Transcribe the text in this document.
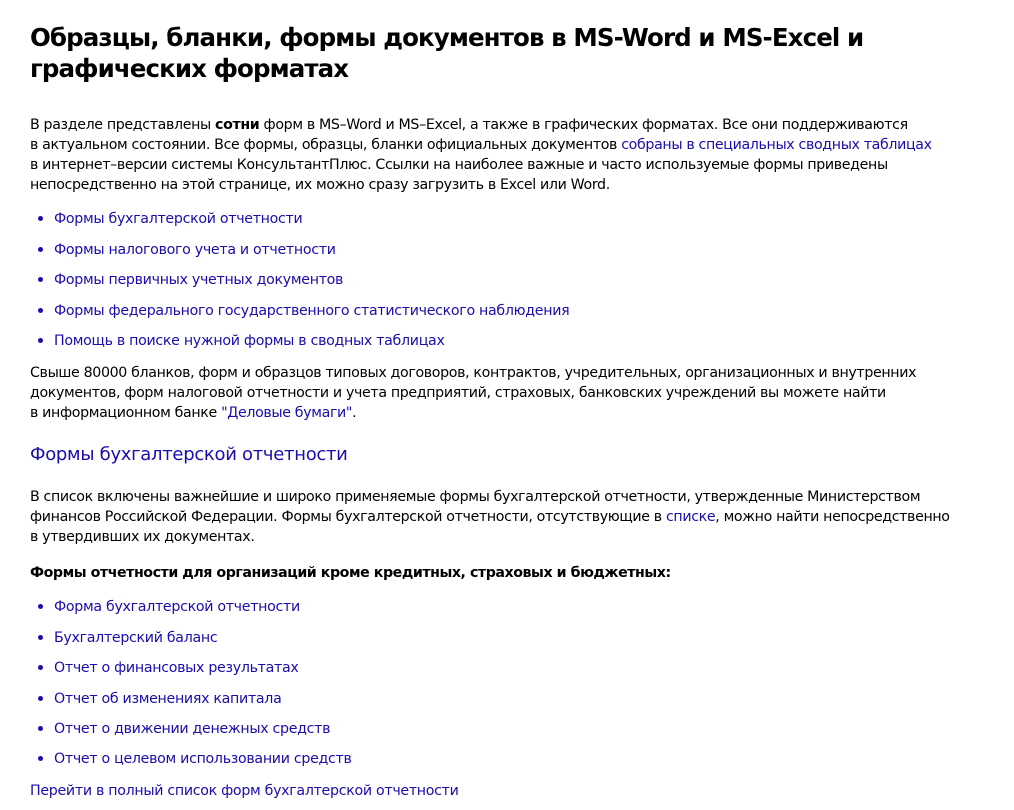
Образцы, бланки, формы документов в MS-Word и MS-Excel и
графических форматах
В разделе представлены сотни форм в MS–Word и MS–Excel, а также в графических форматах. Все они поддерживаются
в актуальном состоянии. Все формы, образцы, бланки официальных документов собраны в специальных сводных таблицах
в интернет–версии системы КонсультантПлюс. Ссылки на наиболее важные и часто используемые формы приведены
непосредственно на этой странице, их можно сразу загрузить в Excel или Word.
Формы бухгалтерской отчетности
Формы налогового учета и отчетности
Формы первичных учетных документов
Формы федерального государственного статистического наблюдения
Помощь в поиске нужной формы в сводных таблицах
Свыше 80000 бланков, форм и образцов типовых договоров, контрактов, учредительных, организационных и внутренних
документов, форм налоговой отчетности и учета предприятий, страховых, банковских учреждений вы можете найти
в информационном банке "Деловые бумаги".
Формы бухгалтерской отчетности
В список включены важнейшие и широко применяемые формы бухгалтерской отчетности, утвержденные Министерством
финансов Российской Федерации. Формы бухгалтерской отчетности, отсутствующие в списке, можно найти непосредственно
в утвердивших их документах.
Формы отчетности для организаций кроме кредитных, страховых и бюджетных:
Форма бухгалтерской отчетности
Бухгалтерский баланс
Отчет о финансовых результатах
Отчет об изменениях капитала
Отчет о движении денежных средств
Отчет о целевом использовании средств
Перейти в полный список форм бухгалтерской отчетности
